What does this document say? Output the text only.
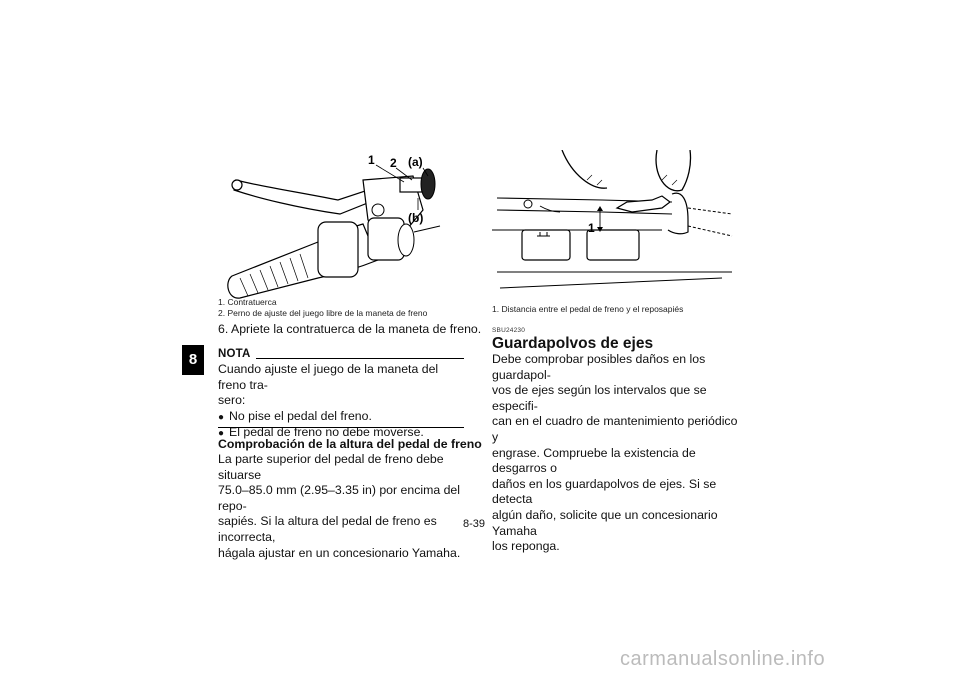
8
1 2 (a)
(b)
1. Contratuerca
2. Perno de ajuste del juego libre de la maneta de freno
6. Apriete la contratuerca de la maneta de freno.
NOTA
Cuando ajuste el juego de la maneta del freno tra-
sero:
● No pise el pedal del freno.
● El pedal de freno no debe moverse.
Comprobación de la altura del pedal de freno
La parte superior del pedal de freno debe situarse
75.0–85.0 mm (2.95–3.35 in) por encima del repo-
sapiés. Si la altura del pedal de freno es incorrecta,
hágala ajustar en un concesionario Yamaha.
1
1. Distancia entre el pedal de freno y el reposapiés
SBU24230
Guardapolvos de ejes
Debe comprobar posibles daños en los guardapol-
vos de ejes según los intervalos que se especifi-
can en el cuadro de mantenimiento periódico y
engrase. Compruebe la existencia de desgarros o
daños en los guardapolvos de ejes. Si se detecta
algún daño, solicite que un concesionario Yamaha
los reponga.
8-39
carmanualsonline.info
